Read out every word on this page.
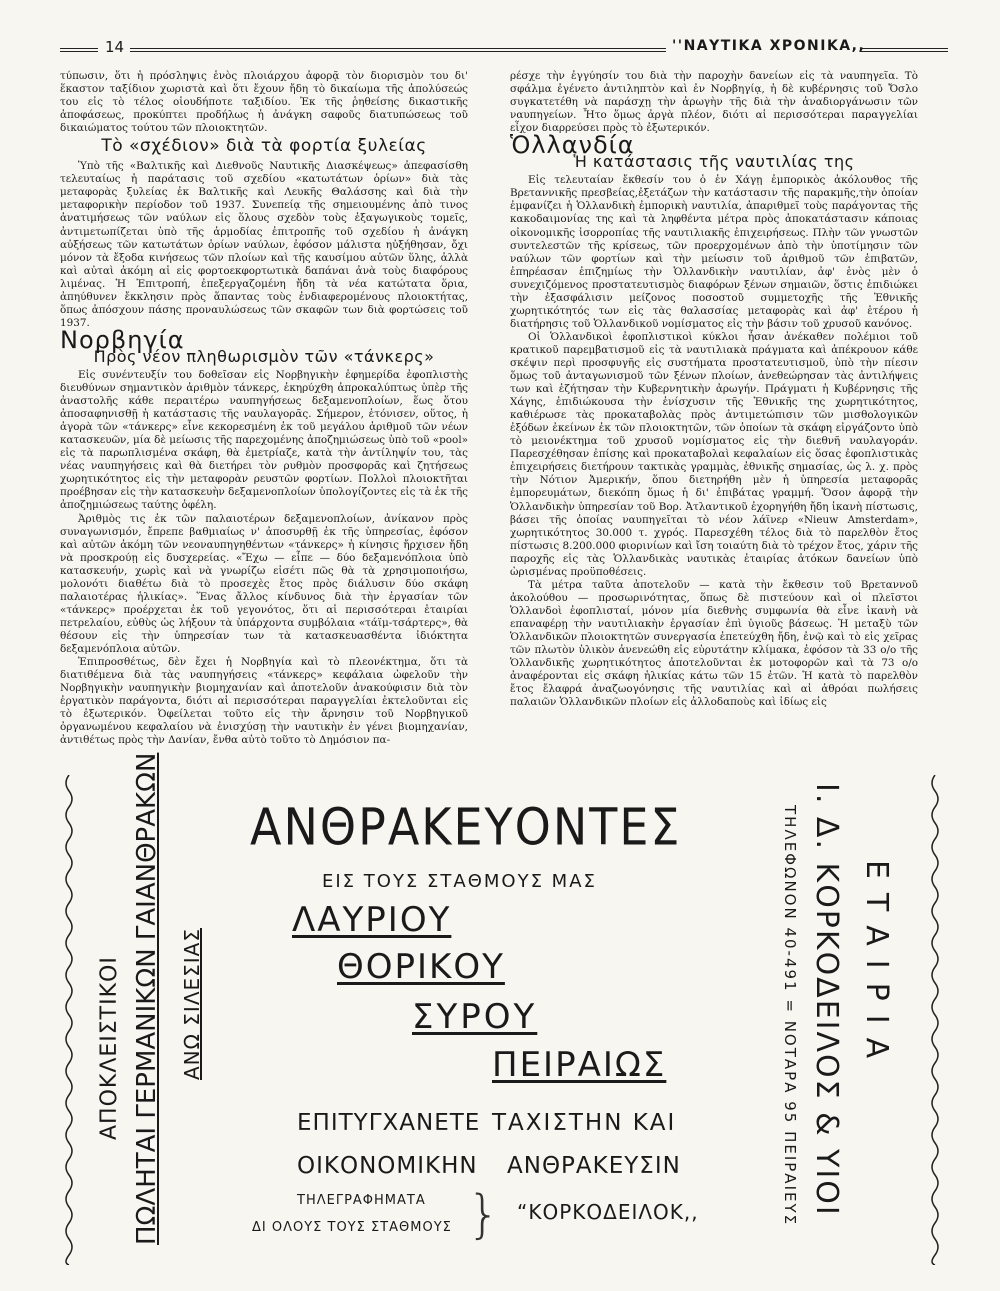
14	''ΝΑΥΤΙΚΑ ΧΡΟΝΙΚΑ,,

τύπωσιν, ὅτι ἡ πρόσληψις ἑνὸς πλοιάρχου ἀφορᾷ τὸν διορισμὸν του δι' ἕκαστον ταξίδιον χωριστὰ καὶ ὅτι ἔχουν ἤδη τὸ δικαίωμα τῆς ἀπολύσεώς του εἰς τὸ τέλος οἱουδήποτε ταξιδίου. Ἐκ τῆς ῥηθείσης δικαστικῆς ἀποφάσεως, προκύπτει προδήλως ἡ ἀνάγκη σαφοῦς διατυπώσεως τοῦ δικαιώματος τούτου τῶν πλοιοκτητῶν.

Τὸ «σχέδιον» διὰ τὰ φορτία ξυλείας

Ὑπὸ τῆς «Βαλτικῆς καὶ Διεθνοῦς Ναυτικῆς Διασκέψεως» ἀπεφασίσθη τελευταίως ἡ παράτασις τοῦ σχεδίου «κατωτάτων ὁρίων» διὰ τὰς μεταφορὰς ξυλείας ἐκ Βαλτικῆς καὶ Λευκῆς Θαλάσσης καὶ διὰ τὴν μεταφορικὴν περίοδον τοῦ 1937. Συνεπείᾳ τῆς σημειουμένης ἀπὸ τινος ἀνατιμήσεως τῶν ναύλων εἰς ὅλους σχεδὸν τοὺς ἐξαγωγικοὺς τομεῖς, ἀντιμετωπίζεται ὑπὸ τῆς ἁρμοδίας ἐπιτροπῆς τοῦ σχεδίου ἡ ἀνάγκη αὐξήσεως τῶν κατωτάτων ὁρίων ναύλων, ἐφόσον μάλιστα ηὐξήθησαν, ὄχι μόνον τὰ ἔξοδα κινήσεως τῶν πλοίων καὶ τῆς καυσίμου αὐτῶν ὕλης, ἀλλὰ καὶ αὐταὶ ἀκόμη αἱ εἰς φορτοεκφορτωτικὰ δαπάναι ἀνὰ τοὺς διαφόρους λιμένας. Ἡ Ἐπιτροπή, ἐπεξεργαζομένη ἤδη τὰ νέα κατώτατα ὅρια, ἀπηύθυνεν ἔκκλησιν πρὸς ἅπαντας τοὺς ἐνδιαφερομένους πλοιοκτήτας, ὅπως ἀπόσχουν πάσης προναυλώσεως τῶν σκαφῶν των διὰ φορτώσεις τοῦ 1937.

Νορβηγία
Πρὸς νέον πληθωρισμὸν τῶν «τάνκερς»

Εἰς συνέντευξίν του δοθεῖσαν εἰς Νορβηγικὴν ἐφημερίδα ἐφοπλιστὴς διευθύνων σημαντικὸν ἀριθμὸν τάνκερς, ἐκηρύχθη ἀπροκαλύπτως ὑπὲρ τῆς ἀναστολῆς κάθε περαιτέρω ναυπηγήσεως δεξαμενοπλοίων, ἕως ὅτου ἀποσαφηνισθῇ ἡ κατάστασις τῆς ναυλαγορᾶς. Σήμερον, ἐτόνισεν, οὕτος, ἡ ἀγορὰ τῶν «τάνκερς» εἶνε κεκορεσμένη ἐκ τοῦ μεγάλου ἀριθμοῦ τῶν νέων κατασκευῶν, μία δὲ μείωσις τῆς παρεχομένης ἀποζημιώσεως ὑπὸ τοῦ «pool» εἰς τὰ παρωπλισμένα σκάφη, θὰ ἐμετρίαζε, κατὰ τὴν ἀντίληψίν του, τὰς νέας ναυπηγήσεις καὶ θὰ διετήρει τὸν ρυθμὸν προσφορᾶς καὶ ζητήσεως χωρητικότητος εἰς τὴν μεταφορὰν ρευστῶν φορτίων. Πολλοὶ πλοιοκτῆται προέβησαν εἰς τὴν κατασκευὴν δεξαμενοπλοίων ὑπολογίζοντες εἰς τὰ ἐκ τῆς ἀποζημιώσεως ταύτης ὀφέλη.

Ἀριθμὸς τις ἐκ τῶν παλαιοτέρων δεξαμενοπλοίων, ἀνίκανον πρὸς συναγωνισμόν, ἔπρεπε βαθμιαίως ν' ἀποσυρθῇ ἐκ τῆς ὑπηρεσίας, ἐφόσον καὶ αὐτῶν ἀκόμη τῶν νεοναυπηγηθέντων «τάνκερς» ἡ κίνησις ἤρχισεν ἤδη νὰ προσκρούῃ εἰς δυσχερείας. «Ἔχω — εἶπε — δύο δεξαμενόπλοια ὑπὸ κατασκευήν, χωρὶς καὶ νὰ γνωρίζω εἰσέτι πῶς θὰ τὰ χρησιμοποιήσω, μολονότι διαθέτω διὰ τὸ προσεχὲς ἔτος πρὸς διάλυσιν δύο σκάφη παλαιοτέρας ἡλικίας». Ἕνας ἄλλος κίνδυνος διὰ τὴν ἐργασίαν τῶν «τάνκερς» προέρχεται ἐκ τοῦ γεγονότος, ὅτι αἱ περισσότεραι ἑταιρίαι πετρελαίου, εὐθὺς ὡς λήξουν τὰ ὑπάρχοντα συμβόλαια «τάϊμ-τσάρτερς», θὰ θέσουν εἰς τὴν ὑπηρεσίαν των τὰ κατασκευασθέντα ἰδιόκτητα δεξαμενόπλοια αὐτῶν.

Ἐπιπροσθέτως, δὲν ἔχει ἡ Νορβηγία καὶ τὸ πλεονέκτημα, ὅτι τὰ διατιθέμενα διὰ τὰς ναυπηγήσεις «τάνκερς» κεφάλαια ὠφελοῦν τὴν Νορβηγικὴν ναυπηγικὴν βιομηχανίαν καὶ ἀποτελοῦν ἀνακούφισιν διὰ τὸν ἐργατικὸν παράγοντα, διότι αἱ περισσότεραι παραγγελίαι ἐκτελοῦνται εἰς τὸ ἐξωτερικόν. Ὀφείλεται τοῦτο εἰς τὴν ἄρνησιν τοῦ Νορβηγικοῦ ὀργανωμένου κεφαλαίου νὰ ἐνισχύσῃ τὴν ναυτικὴν ἐν γένει βιομηχανίαν, ἀντιθέτως πρὸς τὴν Δανίαν, ἔνθα αὐτὸ τοῦτο τὸ Δημόσιον πα-

ρέσχε τὴν ἐγγύησίν του διὰ τὴν παροχὴν δανείων εἰς τὰ ναυπηγεῖα. Τὸ σφάλμα ἐγένετο ἀντιληπτὸν καὶ ἐν Νορβηγίᾳ, ἡ δὲ κυβέρνησις τοῦ Ὄσλο συγκατετέθη νὰ παράσχῃ τὴν ἀρωγὴν τῆς διὰ τὴν ἀναδιοργάνωσιν τῶν ναυπηγείων. Ἦτο ὅμως ἀργὰ πλέον, διότι αἱ περισσότεραι παραγγελίαι εἶχον διαρρεύσει πρὸς τὸ ἐξωτερικόν.

Ὁλλανδία
Ἡ κατάστασις τῆς ναυτιλίας της

Εἰς τελευταίαν ἔκθεσίν του ὁ ἐν Χάγῃ ἐμπορικὸς ἀκόλουθος τῆς Βρεταννικῆς πρεσβείας,ἐξετάζων τὴν κατάστασιν τῆς παρακμῆς,τὴν ὁποίαν ἐμφανίζει ἡ Ὁλλανδικὴ ἐμπορικὴ ναυτιλία, ἀπαριθμεῖ τοὺς παράγοντας τῆς κακοδαιμονίας της καὶ τὰ ληφθέντα μέτρα πρὸς ἀποκατάστασιν κάποιας οἰκονομικῆς ἰσορροπίας τῆς ναυτιλιακῆς ἐπιχειρήσεως. Πλὴν τῶν γνωστῶν συντελεστῶν τῆς κρίσεως, τῶν προερχομένων ἀπὸ τὴν ὑποτίμησιν τῶν ναύλων τῶν φορτίων καὶ τὴν μείωσιν τοῦ ἀριθμοῦ τῶν ἐπιβατῶν, ἐπηρέασαν ἐπιζημίως τὴν Ὁλλανδικὴν ναυτιλίαν, ἀφ' ἑνὸς μὲν ὁ συνεχιζόμενος προστατευτισμὸς διαφόρων ξένων σημαιῶν, ὅστις ἐπιδιώκει τὴν ἐξασφάλισιν μείζονος ποσοστοῦ συμμετοχῆς τῆς Ἐθνικῆς χωρητικότητός των εἰς τὰς θαλασσίας μεταφορὰς καὶ ἀφ' ἑτέρου ἡ διατήρησις τοῦ Ὁλλανδικοῦ νομίσματος εἰς τὴν βάσιν τοῦ χρυσοῦ κανόνος.

Οἱ Ὁλλανδικοὶ ἐφοπλιστικοὶ κύκλοι ἦσαν ἀνέκαθεν πολέμιοι τοῦ κρατικοῦ παρεμβατισμοῦ εἰς τὰ ναυτιλιακὰ πράγματα καὶ ἀπέκρουον κάθε σκέψιν περὶ προσφυγῆς εἰς συστήματα προστατευτισμοῦ, ὑπὸ τὴν πίεσιν ὅμως τοῦ ἀνταγωνισμοῦ τῶν ξένων πλοίων, ἀνεθεώρησαν τὰς ἀντιλήψεις των καὶ ἐζήτησαν τὴν Κυβερνητικὴν ἀρωγήν. Πράγματι ἡ Κυβέρνησις τῆς Χάγης, ἐπιδιώκουσα τὴν ἐνίσχυσιν τῆς Ἐθνικῆς της χωρητικότητος, καθιέρωσε τὰς προκαταβολὰς πρὸς ἀντιμετώπισιν τῶν μισθολογικῶν ἐξόδων ἐκείνων ἐκ τῶν πλοιοκτητῶν, τῶν ὁποίων τὰ σκάφη εἰργάζοντο ὑπὸ τὸ μειονέκτημα τοῦ χρυσοῦ νομίσματος εἰς τὴν διεθνῆ ναυλαγοράν. Παρεσχέθησαν ἐπίσης καὶ προκαταβολαὶ κεφαλαίων εἰς ὅσας ἐφοπλιστικὰς ἐπιχειρήσεις διετήρουν τακτικὰς γραμμὰς, ἐθνικῆς σημασίας, ὡς λ. χ. πρὸς τὴν Νότιον Ἀμερικήν, ὅπου διετηρήθη μὲν ἡ ὑπηρεσία μεταφορᾶς ἐμπορευμάτων, διεκόπη ὅμως ἡ δι' ἐπιβάτας γραμμή. Ὅσον ἀφορᾷ τὴν Ὁλλανδικὴν ὑπηρεσίαν τοῦ Βορ. Ἀτλαντικοῦ ἐχορηγήθη ἤδη ἱκανὴ πίστωσις, βάσει τῆς ὁποίας ναυπηγεῖται τὸ νέον λάϊνερ «Nieuw Amsterdam», χωρητικότητος 30.000 τ. χγρός. Παρεσχέθη τέλος διὰ τὸ παρελθὸν ἔτος πίστωσις 8.200.000 φιορινίων καὶ ἴση τοιαύτη διὰ τὸ τρέχον ἔτος, χάριν τῆς παροχῆς εἰς τὰς Ὁλλανδικὰς ναυτικὰς ἑταιρίας ἀτόκων δανείων ὑπὸ ὡρισμένας προϋποθέσεις.

Τὰ μέτρα ταῦτα ἀποτελοῦν — κατὰ τὴν ἔκθεσιν τοῦ Βρεταννοῦ ἀκολούθου — προσωρινότητας, ὅπως δὲ πιστεύουν καὶ οἱ πλεῖστοι Ὁλλανδοὶ ἐφοπλισταί, μόνον μία διεθνὴς συμφωνία θὰ εἶνε ἱκανὴ νὰ επαναφέρῃ τὴν ναυτιλιακὴν ἐργασίαν ἐπὶ ὑγιοῦς βάσεως. Ἡ μεταξὺ τῶν Ὁλλανδικῶν πλοιοκτητῶν συνεργασία ἐπετεύχθη ἤδη, ἐνῷ καὶ τὸ εἰς χεῖρας τῶν πλωτὸν ὑλικὸν ἀνενεώθη εἰς εὐρυτάτην κλίμακα, ἐφόσον τὰ 33 ο/ο τῆς Ὁλλανδικῆς χωρητικότητος ἀποτελοῦνται ἐκ μοτοφορῶν καὶ τὰ 73 ο/ο ἀναφέρονται εἰς σκάφη ἡλικίας κάτω τῶν 15 ἐτῶν. Ἡ κατὰ τὸ παρελθὸν ἔτος ἔλαφρά ἀναζωογόνησις τῆς ναυτιλίας καὶ αἱ ἀθρόαι πωλήσεις παλαιῶν Ὁλλανδικῶν πλοίων εἰς ἀλλοδαποὺς καὶ ἰδίως εἰς

ΑΠΟΚΛΕΙΣΤΙΚΟΙ ΠΩΛΗΤΑΙ ΓΕΡΜΑΝΙΚΩΝ ΓΑΙΑΝΘΡΑΚΩΝ ΑΝΩ ΣΙΛΕΣΙΑΣ
ΑΝΘΡΑΚΕΥΟΝΤΕΣ
ΕΙΣ ΤΟΥΣ ΣΤΑΘΜΟΥΣ ΜΑΣ
ΛΑΥΡΙΟΥ
ΘΟΡΙΚΟΥ
ΣΥΡΟΥ
ΠΕΙΡΑΙΩΣ
ΕΠΙΤΥΓΧΑΝΕΤΕ ΤΑΧΙΣΤΗΝ ΚΑΙ
ΟΙΚΟΝΟΜΙΚΗΝ ΑΝΘΡΑΚΕΥΣΙΝ
ΤΗΛΕΓΡΑΦΗΜΑΤΑ
ΔΙ ΟΛΟΥΣ ΤΟΥΣ ΣΤΑΘΜΟΥΣ } “ΚΟΡΚΟΔΕΙΛΟΚ,,	ΤΗΛΕΦΩΝΟΝ 40-491 = ΝΟΤΑΡΑ 95 ΠΕΙΡΑΙΕΥΣ Ι. Δ. ΚΟΡΚΟΔΕΙΛΟΣ & ΥΙΟΙ ΕΤΑΙΡΙΑ
